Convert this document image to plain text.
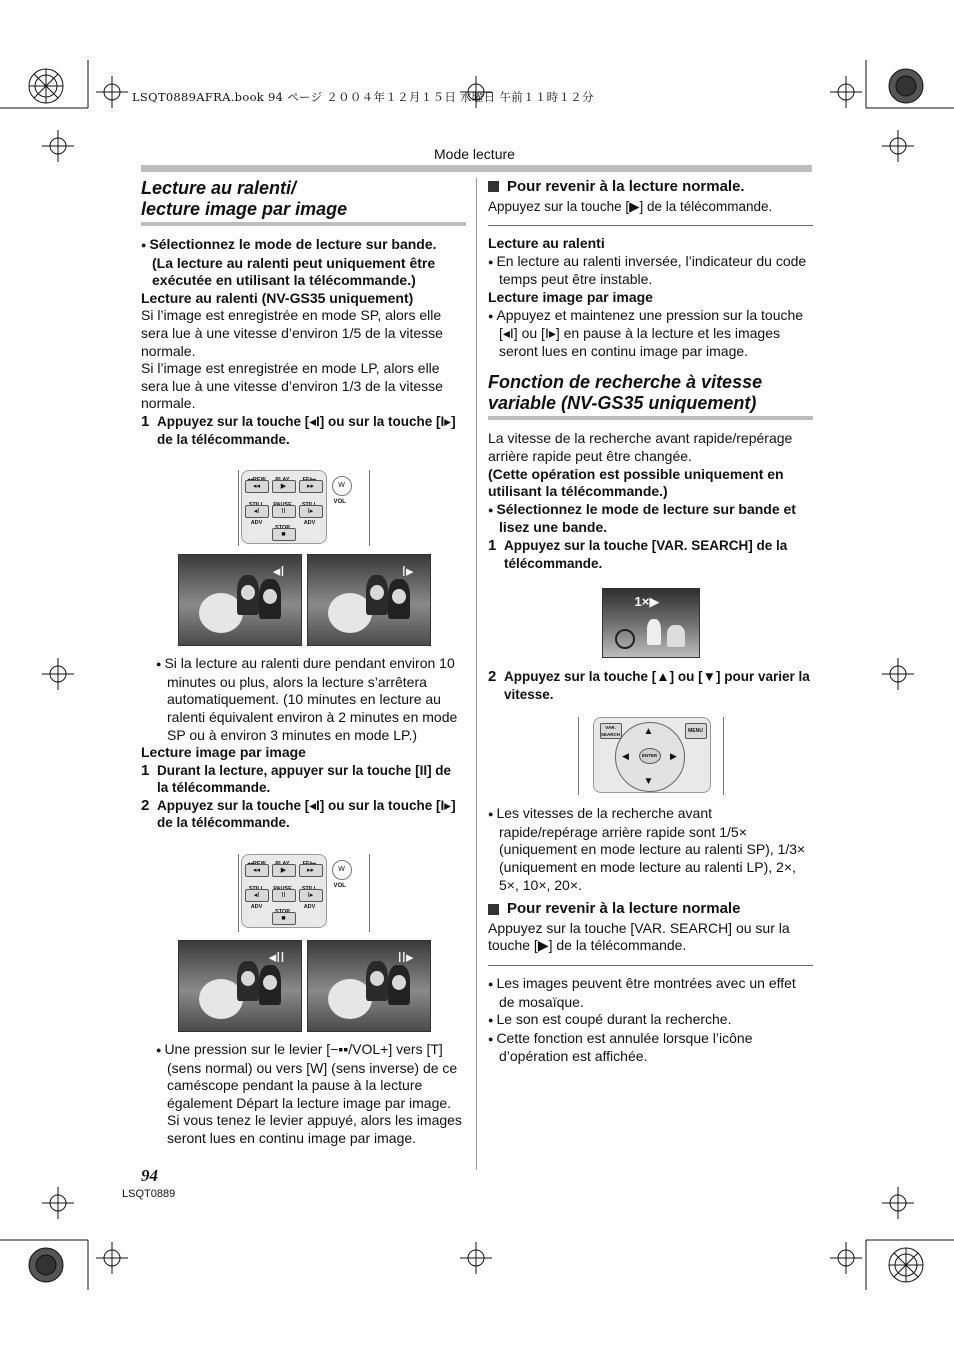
LSQT0889AFRA.book 94 ページ ２００４年１２月１５日 水曜日 午前１１時１２分
Mode lecture
Lecture au ralenti/
lecture image par image

● Sélectionnez le mode de lecture sur bande.

(La lecture au ralenti peut uniquement être exécutée en utilisant la télécommande.)

Lecture au ralenti (NV-GS35 uniquement)

Si l’image est enregistrée en mode SP, alors elle sera lue à une vitesse d’environ 1/5 de la vitesse normale.

Si l’image est enregistrée en mode LP, alors elle sera lue à une vitesse d’environ 1/3 de la vitesse normale.

1 Appuyez sur la touche [◂I] ou sur la touche [I▸] de la télécommande.
◂◂	▶	▸▸
ADV	ADV
◂I	II	I▸
■
W
VOL
◂I	I▸

● Si la lecture au ralenti dure pendant environ 10 minutes ou plus, alors la lecture s’arrêtera automatiquement. (10 minutes en lecture au ralenti équivalent environ à 2 minutes en mode SP ou à environ 3 minutes en mode LP.)

Lecture image par image

1 Durant la lecture, appuyer sur la touche [II] de la télécommande.
2 Appuyez sur la touche [◂I] ou sur la touche [I▸] de la télécommande.
◂◂	▶	▸▸
ADV	ADV
◂I	II	I▸
■
W
VOL
◂II	II▸

● Une pression sur le levier [−▪▪/VOL+] vers [T] (sens normal) ou vers [W] (sens inverse) de ce caméscope pendant la pause à la lecture également Départ la lecture image par image. Si vous tenez le levier appuyé, alors les images seront lues en continu image par image.

Pour revenir à la lecture normale.

Appuyez sur la touche [▶] de la télécommande.

Lecture au ralenti

● En lecture au ralenti inversée, l’indicateur du code temps peut être instable.

Lecture image par image

● Appuyez et maintenez une pression sur la touche [◂I] ou [I▸] en pause à la lecture et les images seront lues en continu image par image.

Fonction de recherche à vitesse
variable (NV-GS35 uniquement)

La vitesse de la recherche avant rapide/repérage arrière rapide peut être changée.

(Cette opération est possible uniquement en utilisant la télécommande.)

● Sélectionnez le mode de lecture sur bande et lisez une bande.

1 Appuyez sur la touche [VAR. SEARCH] de la télécommande.
1×▶
2 Appuyez sur la touche [▲] ou [▼] pour varier la vitesse.
VAR. SEARCH
MENU
▲
▼
◀	▶
ENTER

● Les vitesses de la recherche avant rapide/repérage arrière rapide sont 1/5× (uniquement en mode lecture au ralenti SP), 1/3× (uniquement en mode lecture au ralenti LP), 2×, 5×, 10×, 20×.

Pour revenir à la lecture normale

Appuyez sur la touche [VAR. SEARCH] ou sur la touche [▶] de la télécommande.

● Les images peuvent être montrées avec un effet de mosaïque.

● Le son est coupé durant la recherche.

● Cette fonction est annulée lorsque l’icône d’opération est affichée.

94
LSQT0889
